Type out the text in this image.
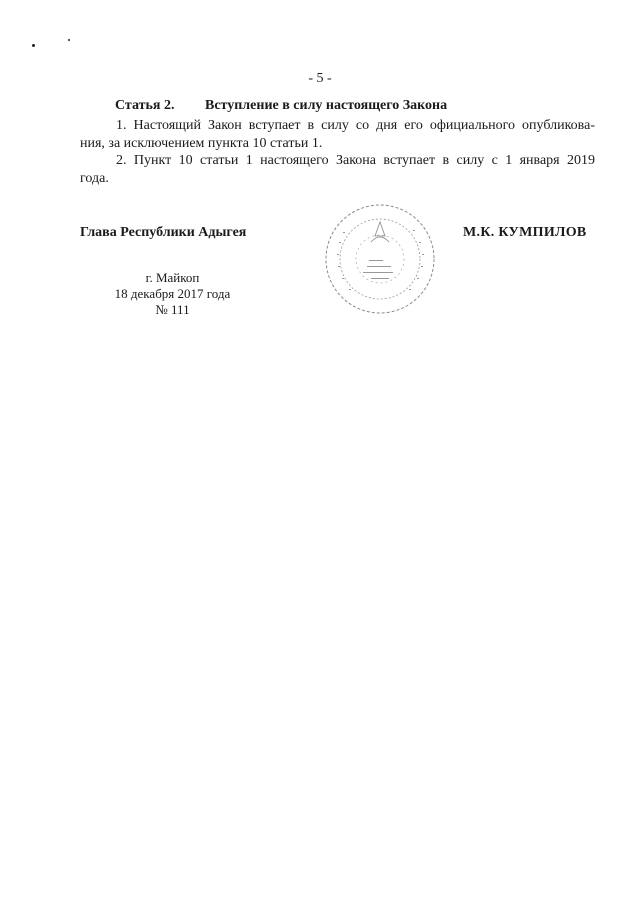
- 5 -
Статья 2. Вступление в силу настоящего Закона
1. Настоящий Закон вступает в силу со дня его официального опубликова-
ния, за исключением пункта 10 статьи 1.
2. Пункт 10 статьи 1 настоящего Закона вступает в силу с 1 января 2019
года.
Глава Республики Адыгея	М.К. КУМПИЛОВ
г. Майкоп
18 декабря 2017 года
№ 111
